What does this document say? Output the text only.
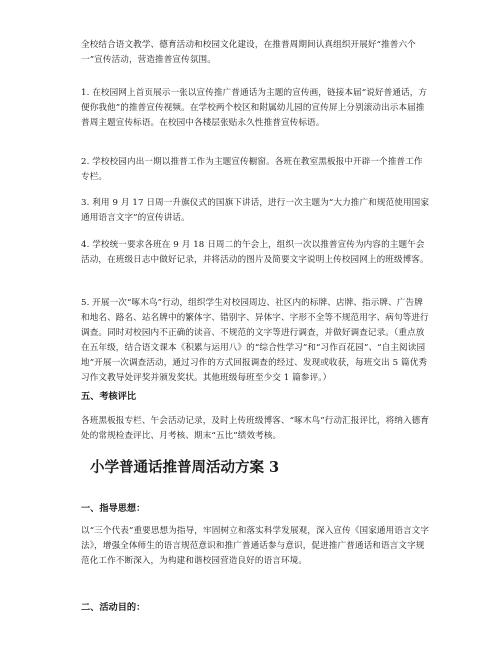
全校结合语文教学、德育活动和校园文化建设，在推普周期间认真组织开展好“推普六个一”宣传活动，营造推普宣传氛围。

1. 在校园网上首页展示一张以宣传推广普通话为主题的宣传画，链接本届“说好普通话，方便你我他”的推普宣传视频。在学校两个校区和附属幼儿园的宣传屏上分别滚动出示本届推普周主题宣传标语。在校园中各楼层张贴永久性推普宣传标语。

2. 学校校园内出一期以推普工作为主题宣传橱窗。各班在教室黑板报中开辟一个推普工作专栏。

3. 利用 9 月 17 日周一升旗仪式的国旗下讲话，进行一次主题为“大力推广和规范使用国家通用语言文字”的宣传讲话。

4. 学校统一要求各班在 9 月 18 日周二的午会上，组织一次以推普宣传为内容的主题午会活动，在班级日志中做好记录，并将活动的图片及简要文字说明上传校园网上的班级博客。

5. 开展一次“啄木鸟”行动，组织学生对校园周边、社区内的标牌、店牌、指示牌、广告牌和地名、路名、站名牌中的繁体字、错别字、异体字、字形不全等不规范用字、病句等进行调查。同时对校园内不正确的读音、不规范的文字等进行调查，并做好调查记录。（重点放在五年级，结合语文课本《积累与运用八》的“综合性学习”和“习作百花园”、“自主阅读园地”开展一次调查活动，通过习作的方式回报调查的经过、发现或收获，每班交出 5 篇优秀习作文教导处评奖并颁发奖状。其他班级每班至少交 1 篇参评。）

五、考核评比

各班黑板报专栏、午会活动记录，及时上传班级博客、“啄木鸟”行动汇报评比，将纳入德育处的常规检查评比、月考核、期末“五比”绩效考核。

小学普通话推普周活动方案 3
一、指导思想：

以“三个代表”重要思想为指导，牢固树立和落实科学发展观，深入宣传《国家通用语言文字法》，增强全体师生的语言规范意识和推广普通话参与意识，促进推广普通话和语言文字规范化工作不断深入，为构建和谐校园营造良好的语言环境。

二、活动目的：
